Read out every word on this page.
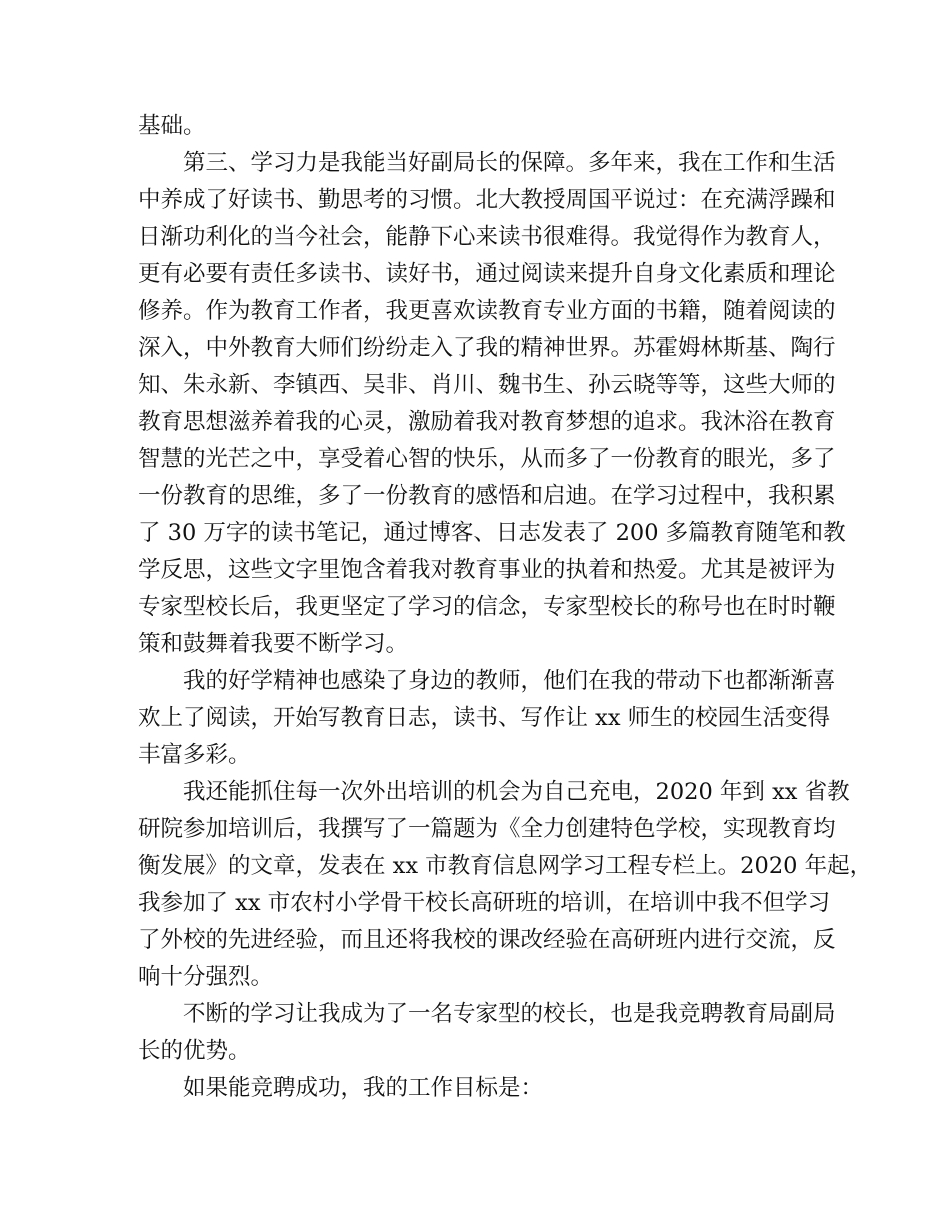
基础。
第三、学习力是我能当好副局长的保障。多年来，我在工作和生活
中养成了好读书、勤思考的习惯。北大教授周国平说过：在充满浮躁和
日渐功利化的当今社会，能静下心来读书很难得。我觉得作为教育人，
更有必要有责任多读书、读好书，通过阅读来提升自身文化素质和理论
修养。作为教育工作者，我更喜欢读教育专业方面的书籍，随着阅读的
深入，中外教育大师们纷纷走入了我的精神世界。苏霍姆林斯基、陶行
知、朱永新、李镇西、吴非、肖川、魏书生、孙云晓等等，这些大师的
教育思想滋养着我的心灵，激励着我对教育梦想的追求。我沐浴在教育
智慧的光芒之中，享受着心智的快乐，从而多了一份教育的眼光，多了
一份教育的思维，多了一份教育的感悟和启迪。在学习过程中，我积累
了 30 万字的读书笔记，通过博客、日志发表了 200 多篇教育随笔和教
学反思，这些文字里饱含着我对教育事业的执着和热爱。尤其是被评为
专家型校长后，我更坚定了学习的信念，专家型校长的称号也在时时鞭
策和鼓舞着我要不断学习。
我的好学精神也感染了身边的教师，他们在我的带动下也都渐渐喜
欢上了阅读，开始写教育日志，读书、写作让 xx 师生的校园生活变得
丰富多彩。
我还能抓住每一次外出培训的机会为自己充电，2020 年到 xx 省教
研院参加培训后，我撰写了一篇题为《全力创建特色学校，实现教育均
衡发展》的文章，发表在 xx 市教育信息网学习工程专栏上。2020 年起，
我参加了 xx 市农村小学骨干校长高研班的培训，在培训中我不但学习
了外校的先进经验，而且还将我校的课改经验在高研班内进行交流，反
响十分强烈。
不断的学习让我成为了一名专家型的校长，也是我竞聘教育局副局
长的优势。
如果能竞聘成功，我的工作目标是：
